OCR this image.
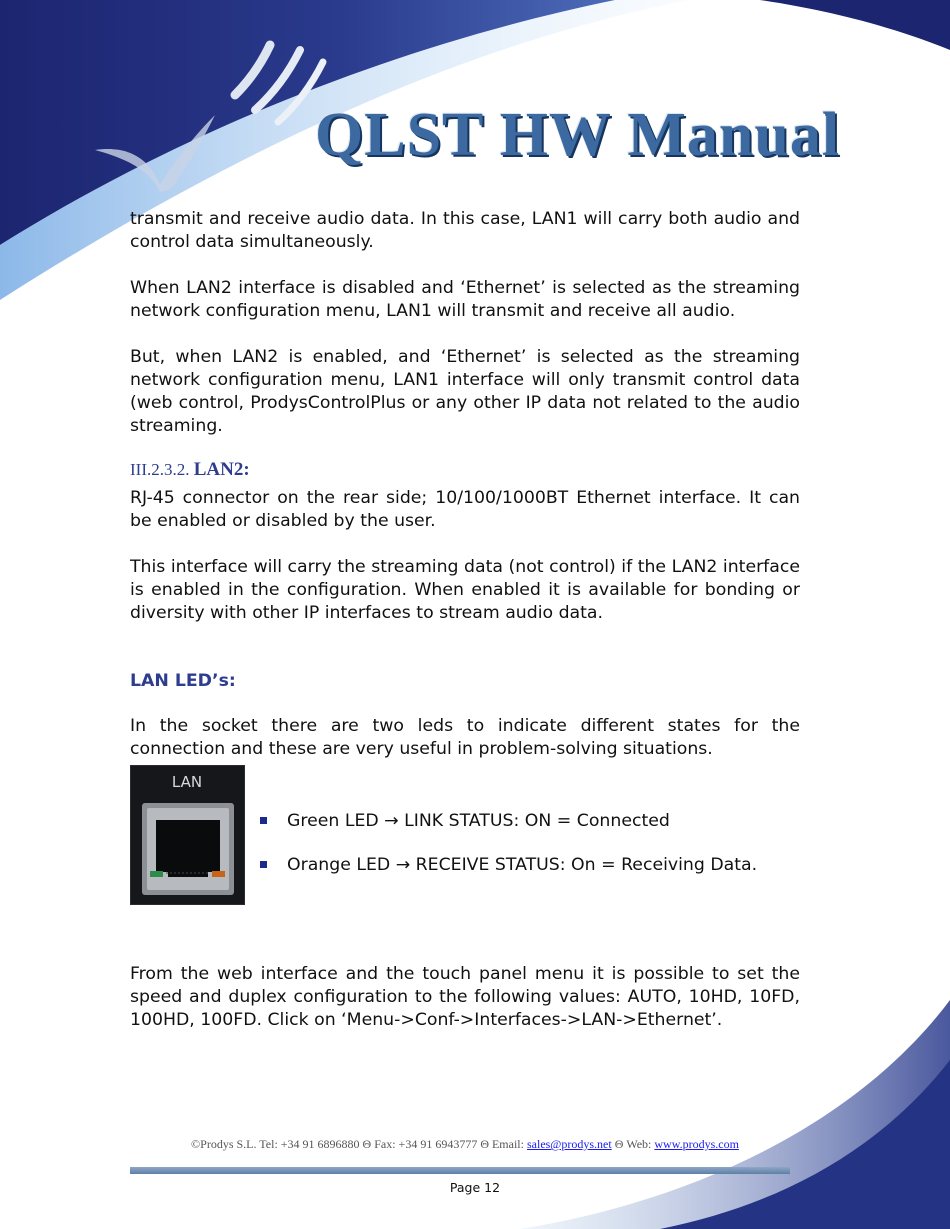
QLST HW Manual

transmit and receive audio data. In this case, LAN1 will carry both audio and control data simultaneously.

When LAN2 interface is disabled and ‘Ethernet’ is selected as the streaming network configuration menu, LAN1 will transmit and receive all audio.

But, when LAN2 is enabled, and ‘Ethernet’ is selected as the streaming network configuration menu, LAN1 interface will only transmit control data (web control, ProdysControlPlus or any other IP data not related to the audio streaming.

III.2.3.2. LAN2:

RJ-45 connector on the rear side; 10/100/1000BT Ethernet interface. It can be enabled or disabled by the user.

This interface will carry the streaming data (not control) if the LAN2 interface is enabled in the configuration. When enabled it is available for bonding or diversity with other IP interfaces to stream audio data.

LAN LED’s:

In the socket there are two leds to indicate different states for the connection and these are very useful in problem-solving situations.

LAN
Green LED → LINK STATUS: ON = Connected
Orange LED → RECEIVE STATUS: On = Receiving Data.

From the web interface and the touch panel menu it is possible to set the speed and duplex configuration to the following values: AUTO, 10HD, 10FD, 100HD, 100FD. Click on ‘Menu->Conf->Interfaces->LAN->Ethernet’.

©Prodys S.L. Tel: +34 91 6896880 Θ Fax: +34 91 6943777 Θ Email: sales@prodys.net Θ Web: www.prodys.com
Page 12
